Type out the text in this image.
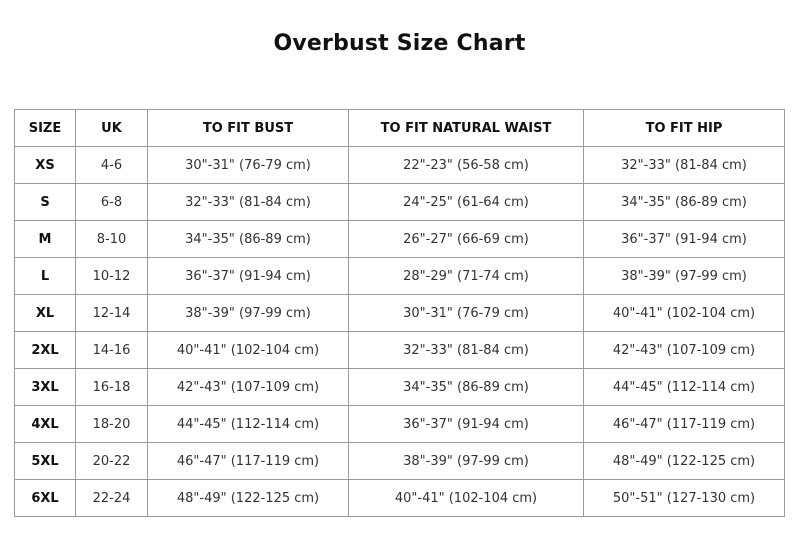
Overbust Size Chart
SIZE	UK	TO FIT BUST	TO FIT NATURAL WAIST	TO FIT HIP
XS	4-6	30"-31" (76-79 cm)	22"-23" (56-58 cm)	32"-33" (81-84 cm)
S	6-8	32"-33" (81-84 cm)	24"-25" (61-64 cm)	34"-35" (86-89 cm)
M	8-10	34"-35" (86-89 cm)	26"-27" (66-69 cm)	36"-37" (91-94 cm)
L	10-12	36"-37" (91-94 cm)	28"-29" (71-74 cm)	38"-39" (97-99 cm)
XL	12-14	38"-39" (97-99 cm)	30"-31" (76-79 cm)	40"-41" (102-104 cm)
2XL	14-16	40"-41" (102-104 cm)	32"-33" (81-84 cm)	42"-43" (107-109 cm)
3XL	16-18	42"-43" (107-109 cm)	34"-35" (86-89 cm)	44"-45" (112-114 cm)
4XL	18-20	44"-45" (112-114 cm)	36"-37" (91-94 cm)	46"-47" (117-119 cm)
5XL	20-22	46"-47" (117-119 cm)	38"-39" (97-99 cm)	48"-49" (122-125 cm)
6XL	22-24	48"-49" (122-125 cm)	40"-41" (102-104 cm)	50"-51" (127-130 cm)
